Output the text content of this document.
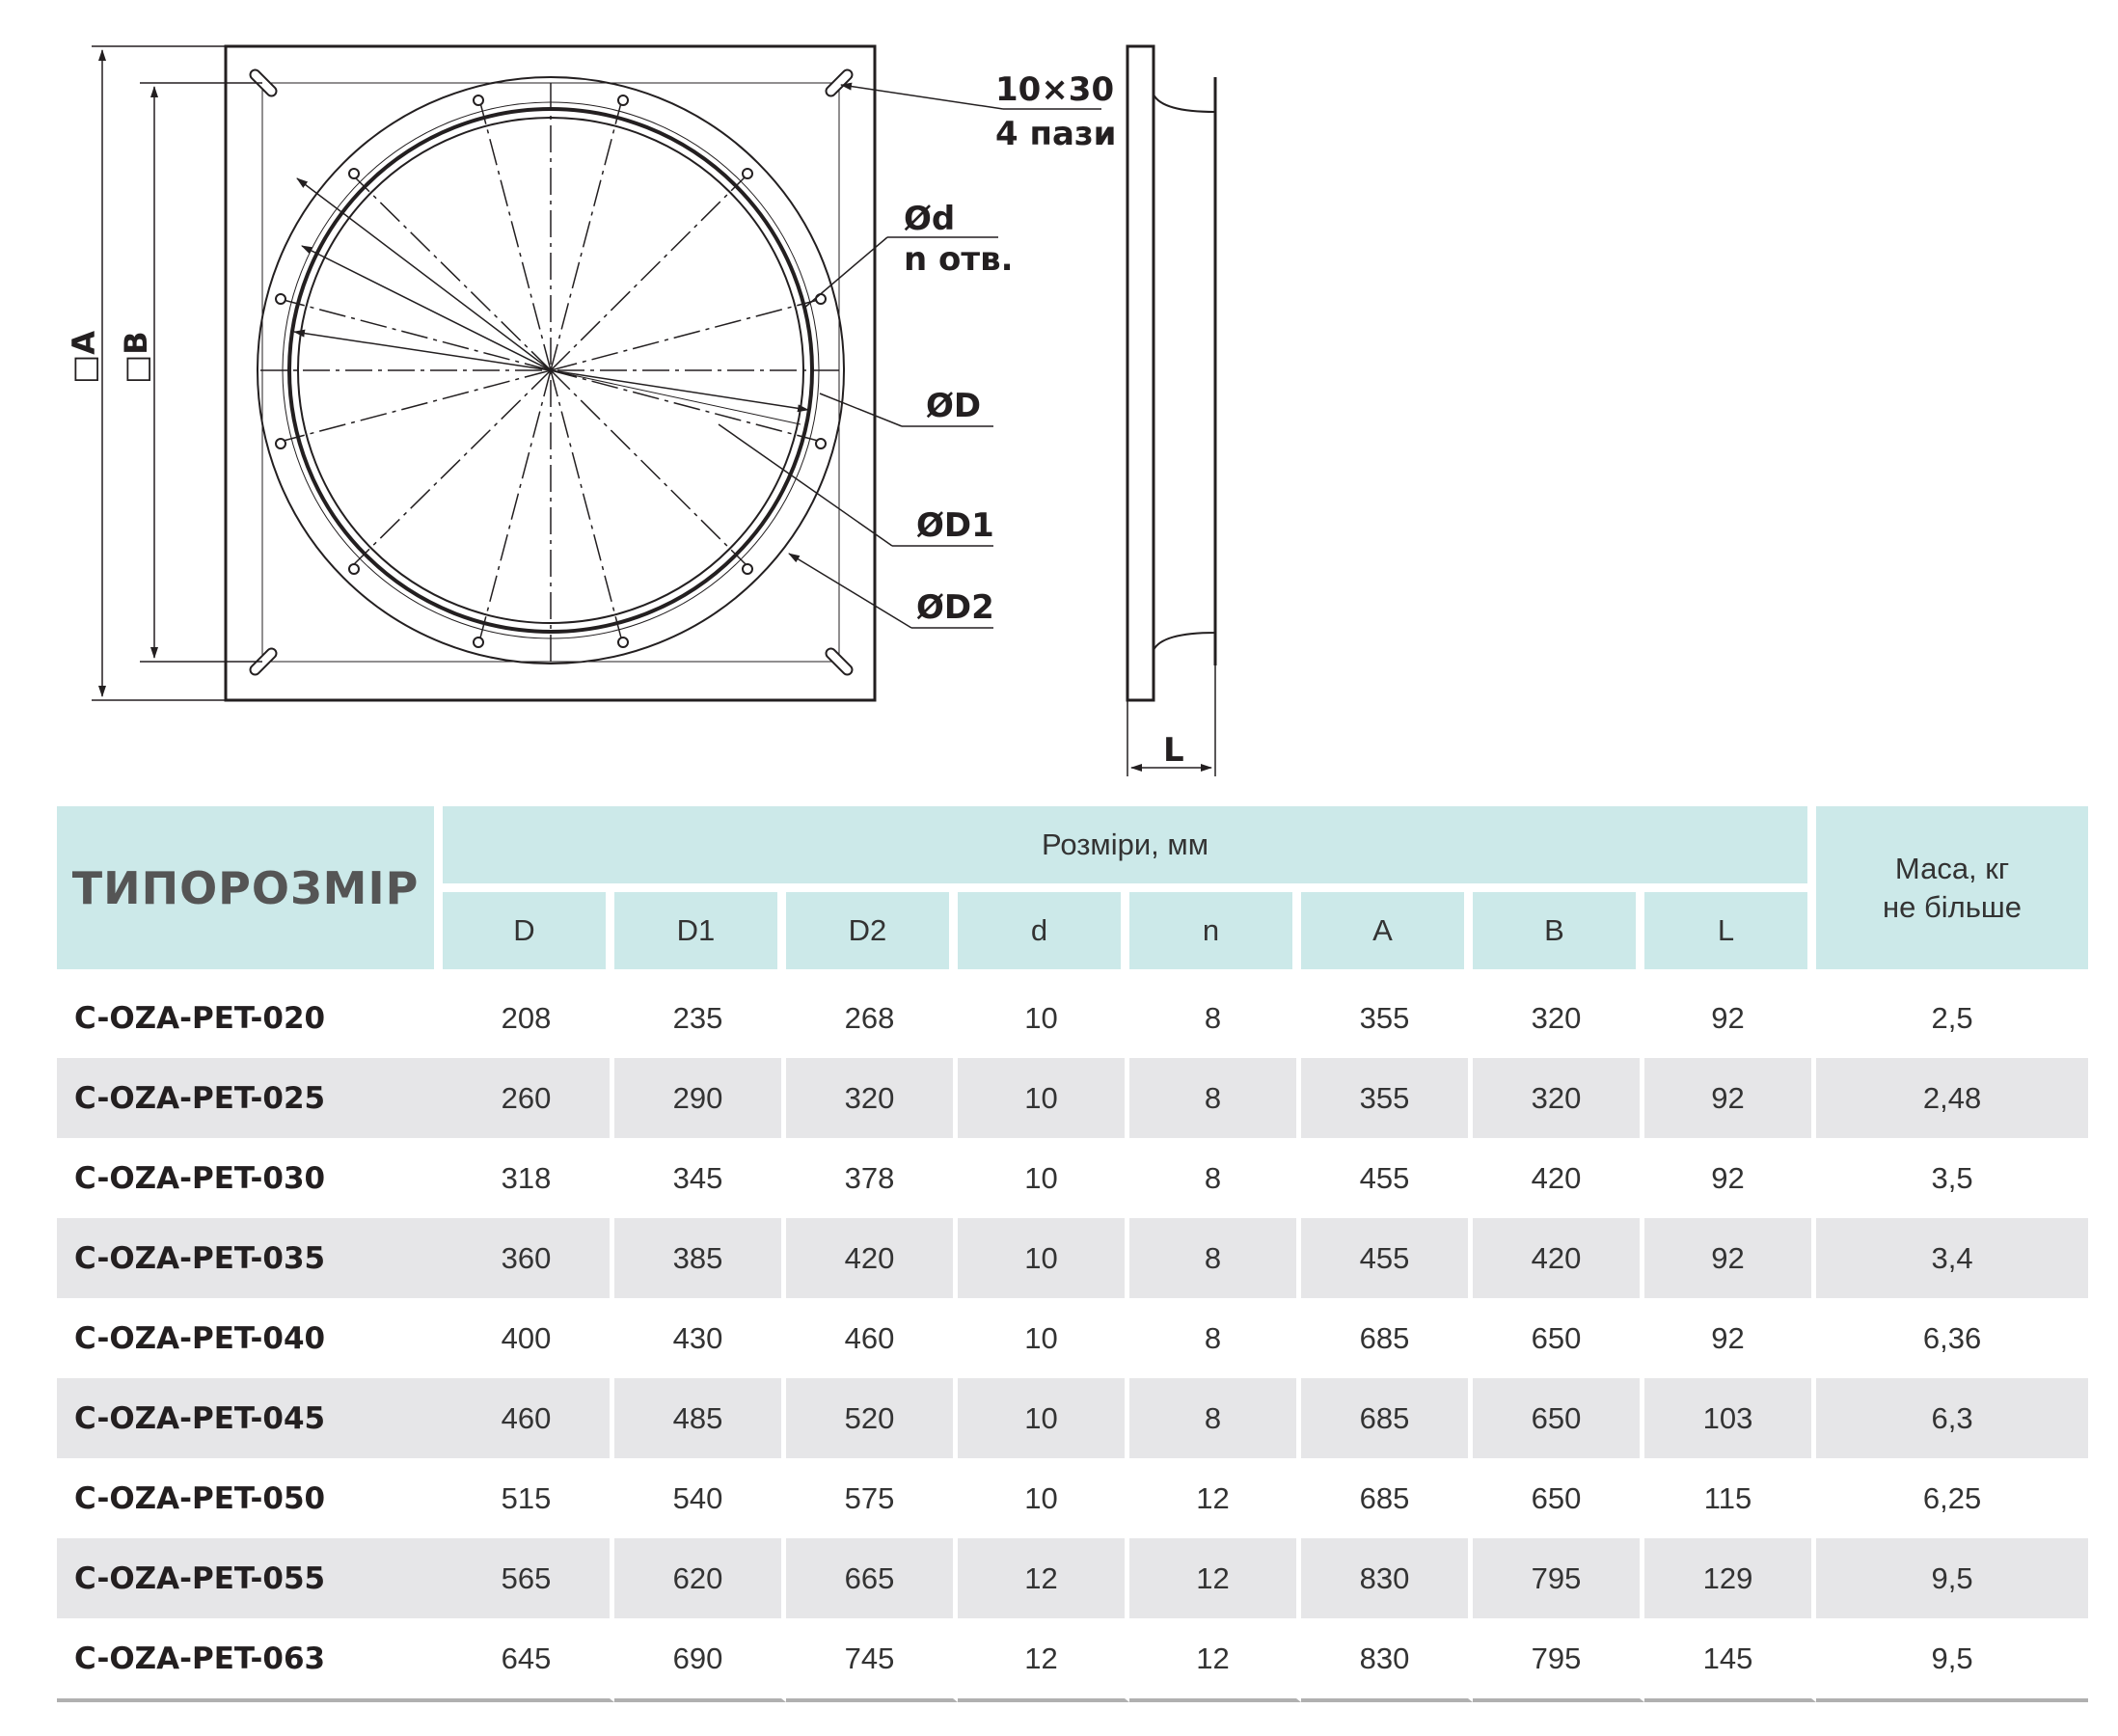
10×30
4 пази
Ød
n отв.
ØD
ØD1
ØD2
□A □B
L
ТИПОРОЗМІР	Розміри, мм								Маса, кг
не більше

	D	D1	D2	d	n	A	B	L	
C-OZA-PET-020	208	235	268	10	8	355	320	92	2,5
C-OZA-PET-025	260	290	320	10	8	355	320	92	2,48
C-OZA-PET-030	318	345	378	10	8	455	420	92	3,5
C-OZA-PET-035	360	385	420	10	8	455	420	92	3,4
C-OZA-PET-040	400	430	460	10	8	685	650	92	6,36
C-OZA-PET-045	460	485	520	10	8	685	650	103	6,3
C-OZA-PET-050	515	540	575	10	12	685	650	115	6,25
C-OZA-PET-055	565	620	665	12	12	830	795	129	9,5
C-OZA-PET-063	645	690	745	12	12	830	795	145	9,5
